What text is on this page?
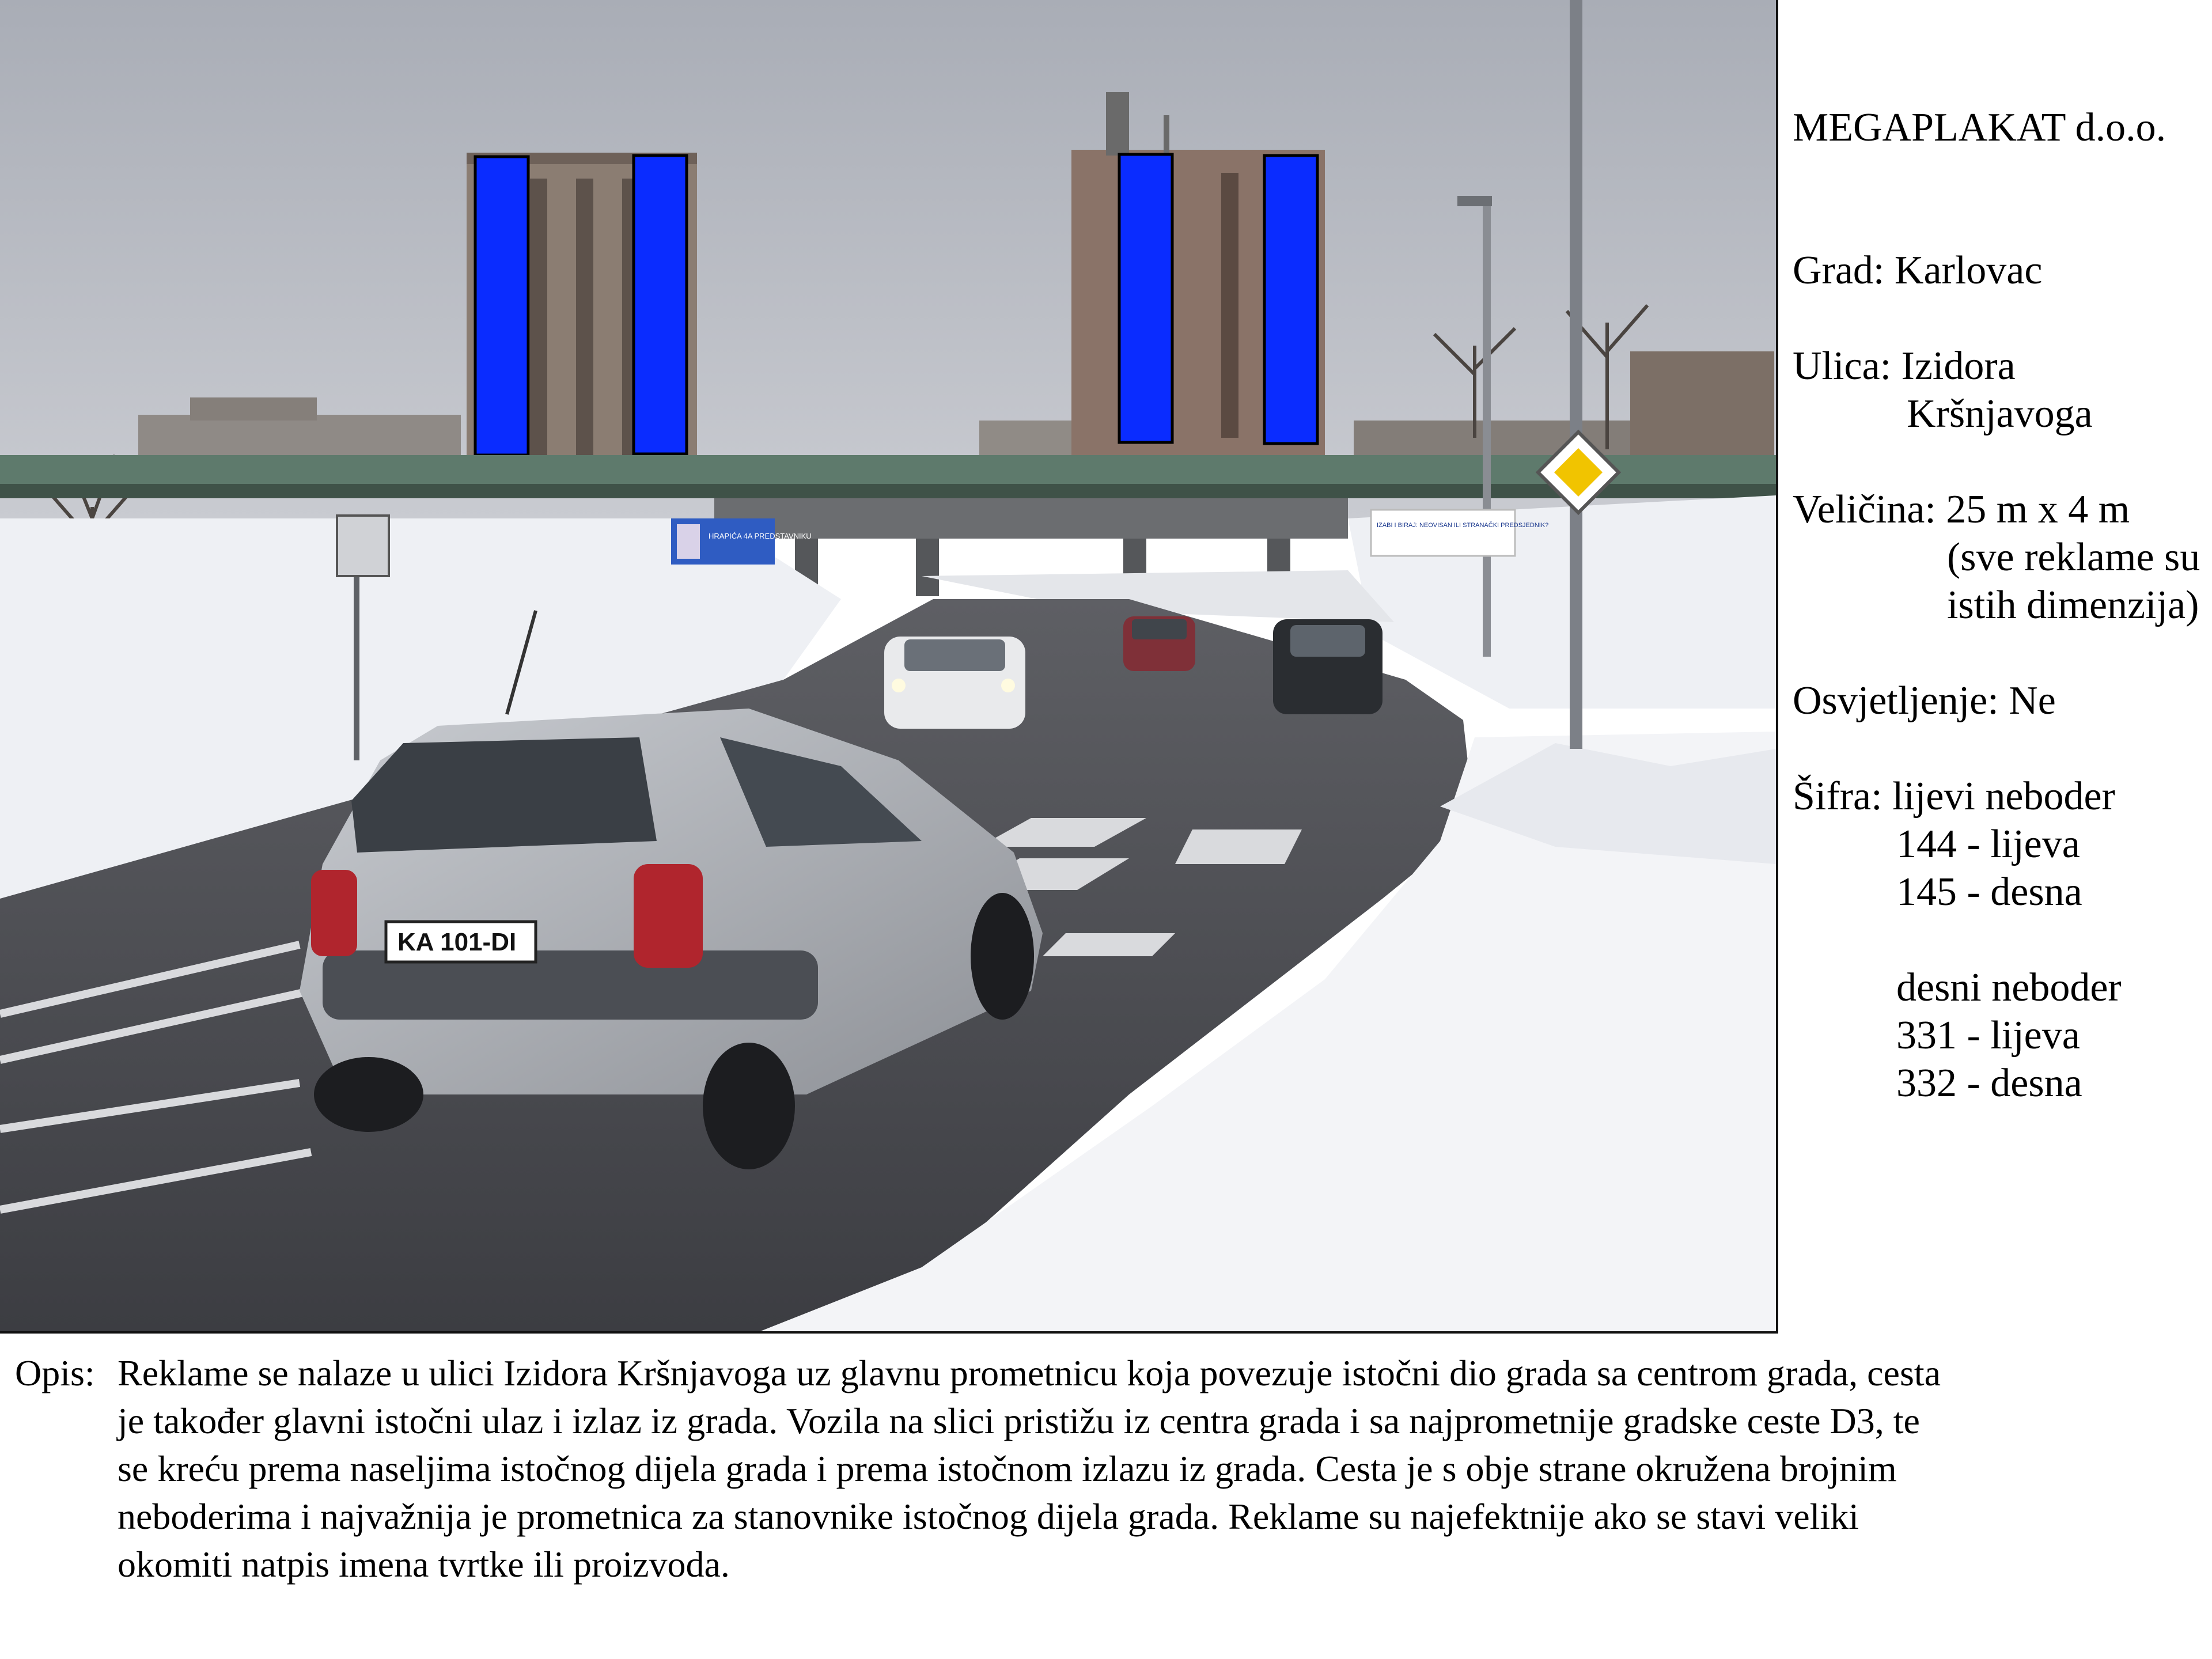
HRAPIĆA 4A PREDSTAVNIKU
IZABI I BIRAJ: NEOVISAN ILI STRANAČKI PREDSJEDNIK?
KA 101-DI
MEGAPLAKAT d.o.o.
Grad: Karlovac
Ulica: Izidora
Kršnjavoga
Veličina: 25 m x 4 m
(sve reklame su
istih dimenzija)
Osvjetljenje: Ne
Šifra: lijevi neboder
144 - lijeva
145 - desna
desni neboder
331 - lijeva
332 - desna
Opis: Reklame se nalaze u ulici Izidora Kršnjavoga uz glavnu prometnicu koja povezuje istočni dio grada sa centrom grada, cesta
je također glavni istočni ulaz i izlaz iz grada. Vozila na slici pristižu iz centra grada i sa najprometnije gradske ceste D3, te
se kreću prema naseljima istočnog dijela grada i prema istočnom izlazu iz grada. Cesta je s obje strane okružena brojnim
neboderima i najvažnija je prometnica za stanovnike istočnog dijela grada. Reklame su najefektnije ako se stavi veliki
okomiti natpis imena tvrtke ili proizvoda.
